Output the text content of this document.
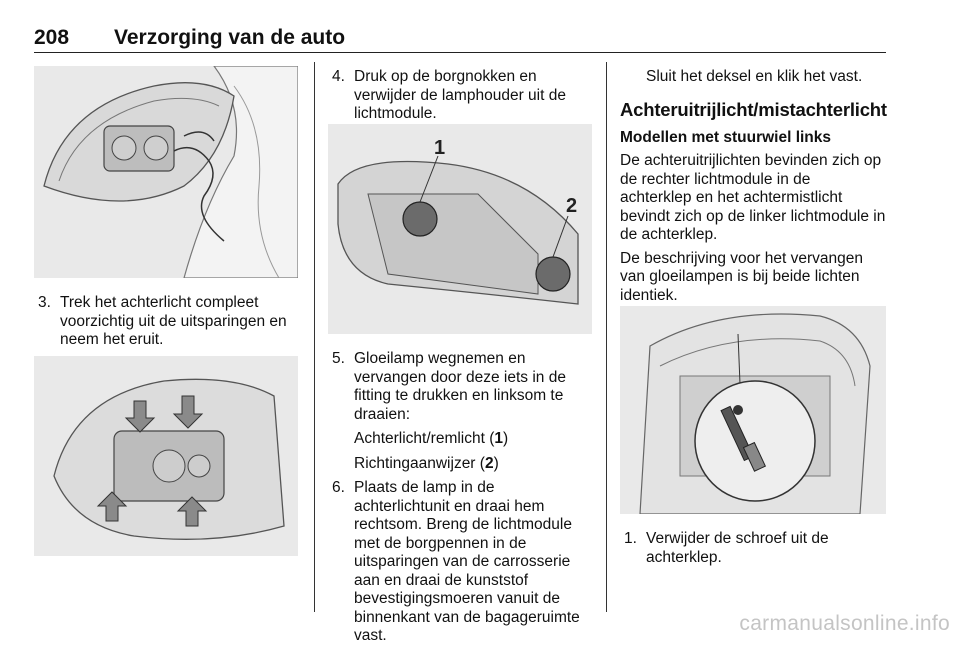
208 Verzorging van de auto
3. Trek het achterlicht compleet voorzichtig uit de uitsparingen en neem het eruit.

4. Druk op de borgnokken en verwijder de lamphouder uit de lichtmodule.

1
2
5. Gloeilamp wegnemen en vervangen door deze iets in de fitting te drukken en linksom te draaien:

Achterlicht/remlicht (1)

Richtingaanwijzer (2)

6. Plaats de lamp in de achterlichtunit en draai hem rechtsom. Breng de lichtmodule met de borgpennen in de uitsparingen van de carrosserie aan en draai de kunststof bevestigingsmoeren vanuit de binnenkant van de bagageruimte vast.

Sluit het deksel en klik het vast.

Achteruitrijlicht/mistachterlicht

Modellen met stuurwiel links

De achteruitrijlichten bevinden zich op de rechter lichtmodule in de achterklep en het achtermistlicht bevindt zich op de linker lichtmodule in de achterklep.

De beschrijving voor het vervangen van gloeilampen is bij beide lichten identiek.

1. Verwijder de schroef uit de achterklep.

carmanualsonline.info
